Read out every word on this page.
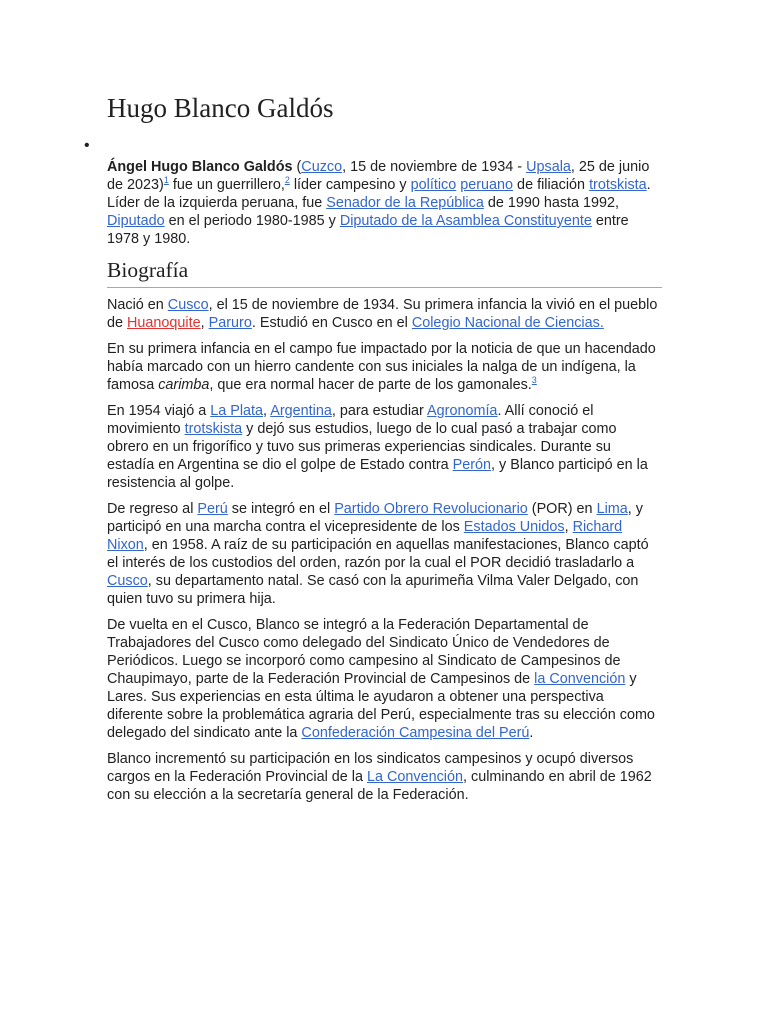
Hugo Blanco Galdós
•

Ángel Hugo Blanco Galdós (Cuzco, 15 de noviembre de 1934 - Upsala, 25 de junio de 2023)$^1$ fue un guerrillero,$^2$ líder campesino y político peruano de filiación trotskista. Líder de la izquierda peruana, fue Senador de la República de 1990 hasta 1992, Diputado en el periodo 1980-1985 y Diputado de la Asamblea Constituyente entre 1978 y 1980.

Biografía

Nació en Cusco, el 15 de noviembre de 1934. Su primera infancia la vivió en el pueblo de Huanoquite, Paruro. Estudió en Cusco en el Colegio Nacional de Ciencias.

En su primera infancia en el campo fue impactado por la noticia de que un hacendado había marcado con un hierro candente con sus iniciales la nalga de un indígena, la famosa carimba, que era normal hacer de parte de los gamonales.$^3$

En 1954 viajó a La Plata, Argentina, para estudiar Agronomía. Allí conoció el movimiento trotskista y dejó sus estudios, luego de lo cual pasó a trabajar como obrero en un frigorífico y tuvo sus primeras experiencias sindicales. Durante su estadía en Argentina se dio el golpe de Estado contra Perón, y Blanco participó en la resistencia al golpe.

De regreso al Perú se integró en el Partido Obrero Revolucionario (POR) en Lima, y participó en una marcha contra el vicepresidente de los Estados Unidos, Richard Nixon, en 1958. A raíz de su participación en aquellas manifestaciones, Blanco captó el interés de los custodios del orden, razón por la cual el POR decidió trasladarlo a Cusco, su departamento natal. Se casó con la apurimeña Vilma Valer Delgado, con quien tuvo su primera hija.

De vuelta en el Cusco, Blanco se integró a la Federación Departamental de Trabajadores del Cusco como delegado del Sindicato Único de Vendedores de Periódicos. Luego se incorporó como campesino al Sindicato de Campesinos de Chaupimayo, parte de la Federación Provincial de Campesinos de la Convención y Lares. Sus experiencias en esta última le ayudaron a obtener una perspectiva diferente sobre la problemática agraria del Perú, especialmente tras su elección como delegado del sindicato ante la Confederación Campesina del Perú.

Blanco incrementó su participación en los sindicatos campesinos y ocupó diversos cargos en la Federación Provincial de la La Convención, culminando en abril de 1962 con su elección a la secretaría general de la Federación.
